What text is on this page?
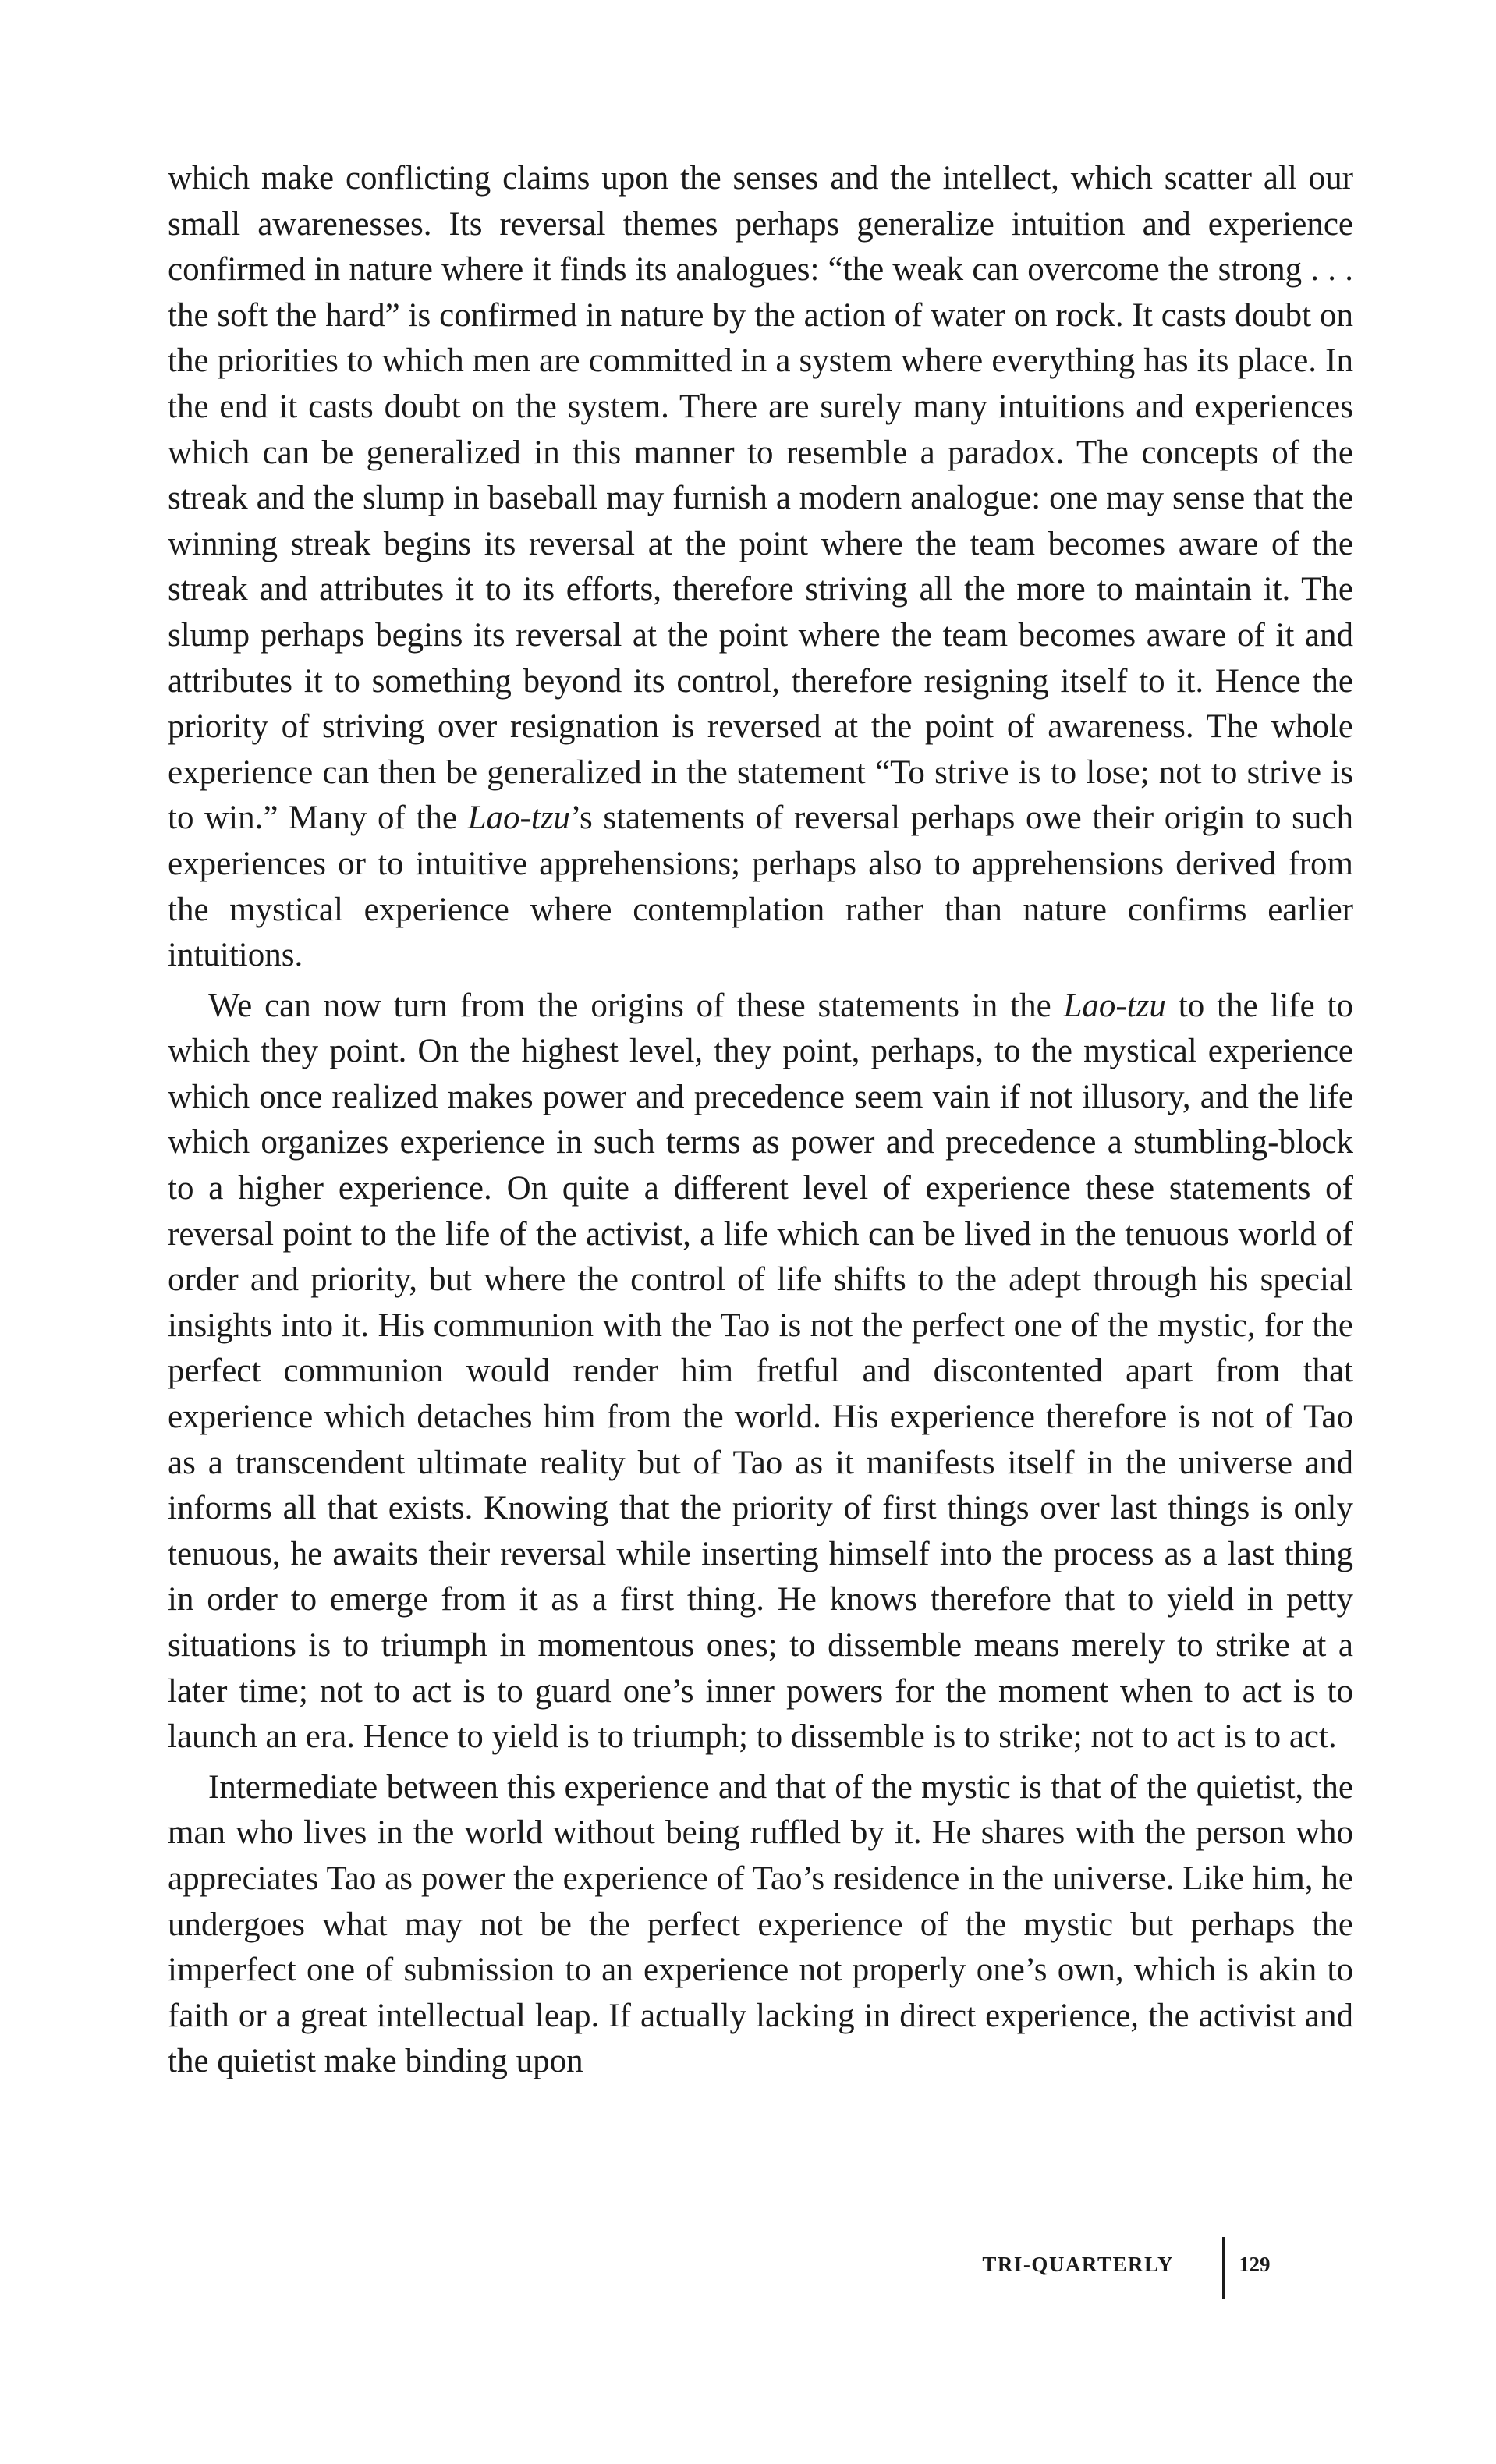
which make conflicting claims upon the senses and the intellect, which scatter all our small awarenesses. Its reversal themes perhaps generalize intuition and experience confirmed in nature where it finds its analogues: “the weak can overcome the strong . . . the soft the hard” is confirmed in nature by the action of water on rock. It casts doubt on the priorities to which men are committed in a system where everything has its place. In the end it casts doubt on the system. There are surely many intuitions and experiences which can be generalized in this manner to resemble a paradox. The concepts of the streak and the slump in baseball may furnish a modern analogue: one may sense that the winning streak begins its reversal at the point where the team becomes aware of the streak and attributes it to its efforts, therefore striving all the more to maintain it. The slump perhaps begins its reversal at the point where the team becomes aware of it and attributes it to something beyond its control, therefore resigning itself to it. Hence the priority of striving over resignation is reversed at the point of awareness. The whole experience can then be generalized in the statement “To strive is to lose; not to strive is to win.” Many of the Lao-tzu’s statements of reversal perhaps owe their origin to such experiences or to intuitive apprehensions; perhaps also to apprehensions derived from the mystical experience where contemplation rather than nature confirms earlier intuitions.

We can now turn from the origins of these statements in the Lao-tzu to the life to which they point. On the highest level, they point, perhaps, to the mystical experience which once realized makes power and precedence seem vain if not illusory, and the life which organizes experience in such terms as power and precedence a stumbling-block to a higher experience. On quite a different level of experience these statements of reversal point to the life of the activist, a life which can be lived in the tenuous world of order and priority, but where the control of life shifts to the adept through his special insights into it. His communion with the Tao is not the perfect one of the mystic, for the perfect communion would render him fretful and discontented apart from that experience which detaches him from the world. His experience therefore is not of Tao as a transcendent ultimate reality but of Tao as it manifests itself in the universe and informs all that exists. Knowing that the priority of first things over last things is only tenuous, he awaits their reversal while inserting himself into the process as a last thing in order to emerge from it as a first thing. He knows therefore that to yield in petty situations is to triumph in momentous ones; to dissemble means merely to strike at a later time; not to act is to guard one’s inner powers for the moment when to act is to launch an era. Hence to yield is to triumph; to dissemble is to strike; not to act is to act.

Intermediate between this experience and that of the mystic is that of the quietist, the man who lives in the world without being ruffled by it. He shares with the person who appreciates Tao as power the experience of Tao’s residence in the universe. Like him, he undergoes what may not be the perfect experience of the mystic but perhaps the imperfect one of submission to an experience not properly one’s own, which is akin to faith or a great intellectual leap. If actually lacking in direct experience, the activist and the quietist make binding upon

TRI-QUARTERLY	129
